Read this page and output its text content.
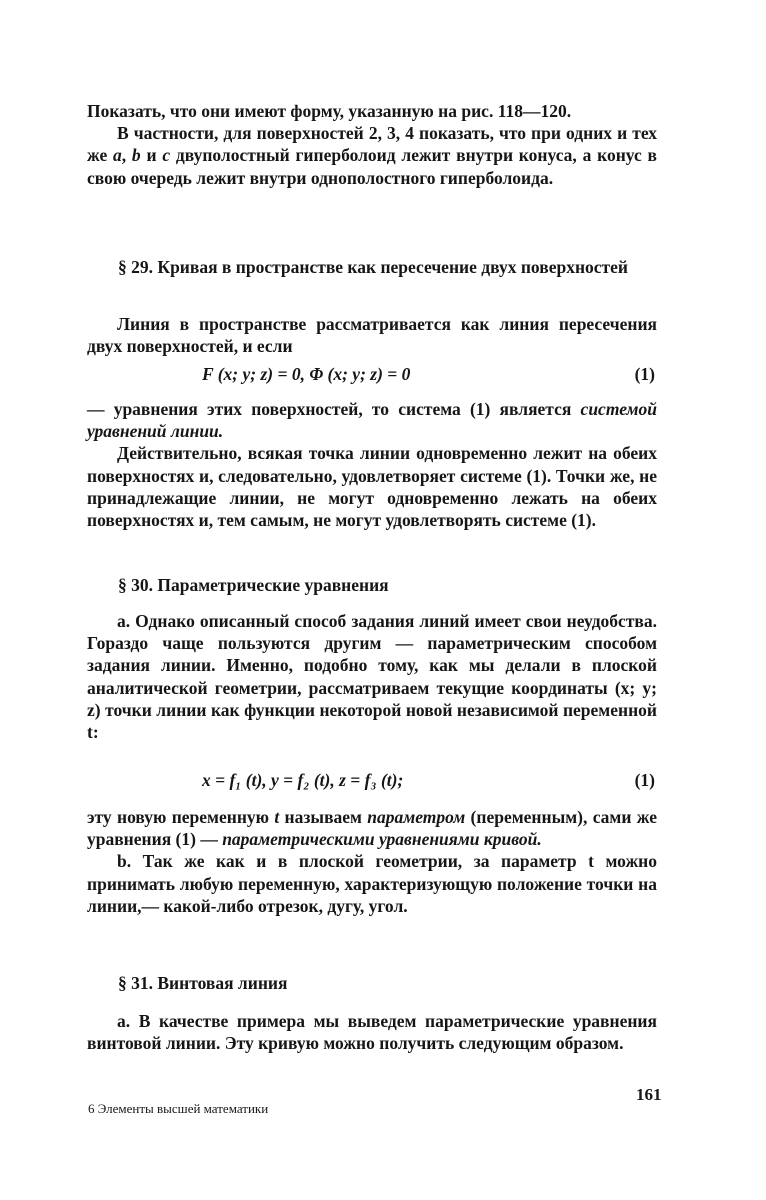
Показать, что они имеют форму, указанную на рис. 118—120.

В частности, для поверхностей 2, 3, 4 показать, что при одних и тех же a, b и c двуполостный гиперболоид лежит внутри конуса, а конус в свою очередь лежит внутри однополостного гиперболоида.

§ 29. Кривая в пространстве как пересечение двух поверхностей

Линия в пространстве рассматривается как линия пересечения двух поверхностей, и если

F (x; y; z) = 0, Φ (x; y; z) = 0	(1)

— уравнения этих поверхностей, то система (1) является системой уравнений линии.

Действительно, всякая точка линии одновременно лежит на обеих поверхностях и, следовательно, удовлетворяет системе (1). Точки же, не принадлежащие линии, не могут одновременно лежать на обеих поверхностях и, тем самым, не могут удовлетворять системе (1).

§ 30. Параметрические уравнения

a. Однако описанный способ задания линий имеет свои неудобства. Гораздо чаще пользуются другим — параметрическим способом задания линии. Именно, подобно тому, как мы делали в плоской аналитической геометрии, рассматриваем текущие координаты (x; y; z) точки линии как функции некоторой новой независимой переменной t:

x = f₁ (t), y = f₂ (t), z = f₃ (t);	(1)

эту новую переменную t называем параметром (переменным), сами же уравнения (1) — параметрическими уравнениями кривой.

b. Так же как и в плоской геометрии, за параметр t можно принимать любую переменную, характеризующую положение точки на линии,— какой-либо отрезок, дугу, угол.

§ 31. Винтовая линия

a. В качестве примера мы выведем параметрические уравнения винтовой линии. Эту кривую можно получить следующим образом.

161
6 Элементы высшей математики
